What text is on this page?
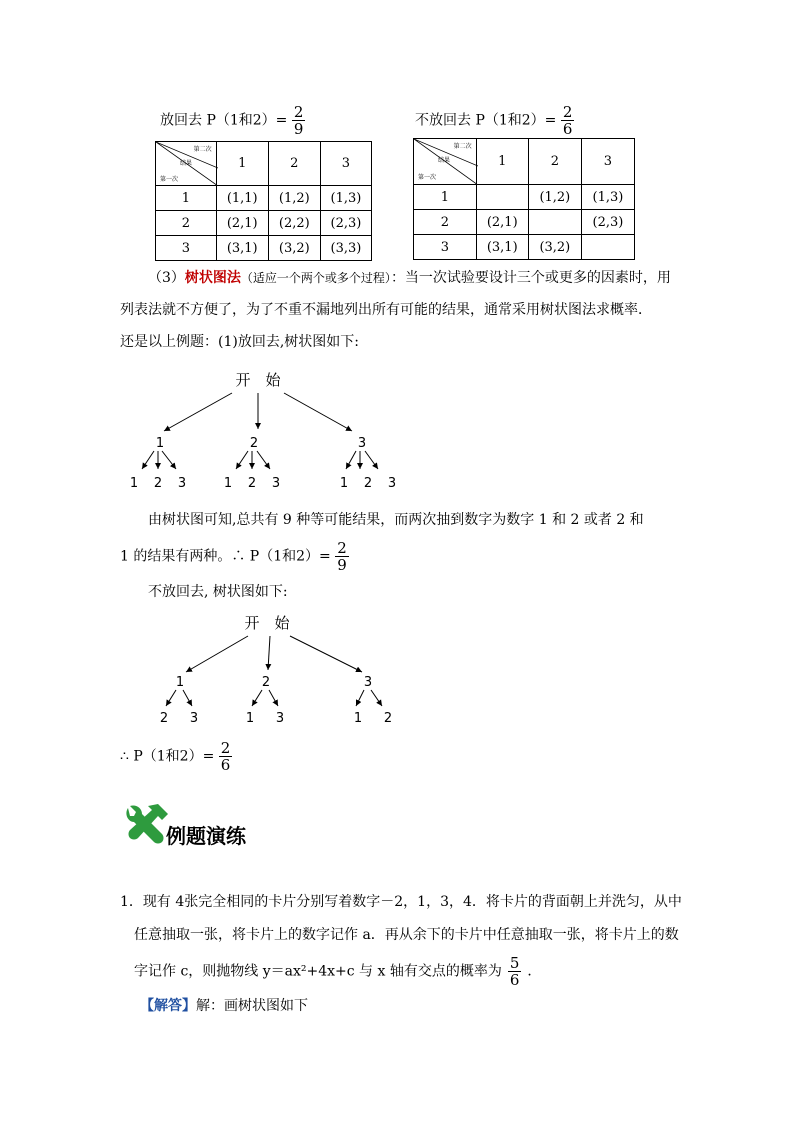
放回去 P（1和$2)= \frac{2}{9}$	不放回去 P（1和$2)= \frac{2}{6}$
第二次
结果
第一次	1	2	3
1	(1,1)	(1,2)	(1,3)
2	(2,1)	(2,2)	(2,3)
3	(3,1)	(3,2)	(3,3)
第二次
结果
第一次	1	2	3
1		(1,2)	(1,3)
2	(2,1)		(2,3)
3	(3,1)	(3,2)	
（3）树状图法（适应一个两个或多个过程）：当一次试验要设计三个或更多的因素时，用
列表法就不方便了，为了不重不漏地列出所有可能的结果，通常采用树状图法求概率．
还是以上例题：(1)放回去,树状图如下:
开　始
1	2	3
1 2 3	1 2 3	1 2 3
由树状图可知,总共有 9 种等可能结果，而两次抽到数字为数字 1 和 2 或者 2 和
1 的结果有两种。∴ P（1和$2)= \frac{2}{9}$
不放回去, 树状图如下:
开　始
1	2	3
2 3	1 3	1 2
∴ P（1和$2)= \frac{2}{6}$
例题演练
1．现有 4张完全相同的卡片分别写着数字－2，1，3，4．将卡片的背面朝上并洗匀，从中
任意抽取一张，将卡片上的数字记作 a．再从余下的卡片中任意抽取一张，将卡片上的数
字记作 c，则抛物线 y＝ax²+4x+c 与 x 轴有交点的概率为 $\frac{5}{6}$ ．
【解答】解：画树状图如下
